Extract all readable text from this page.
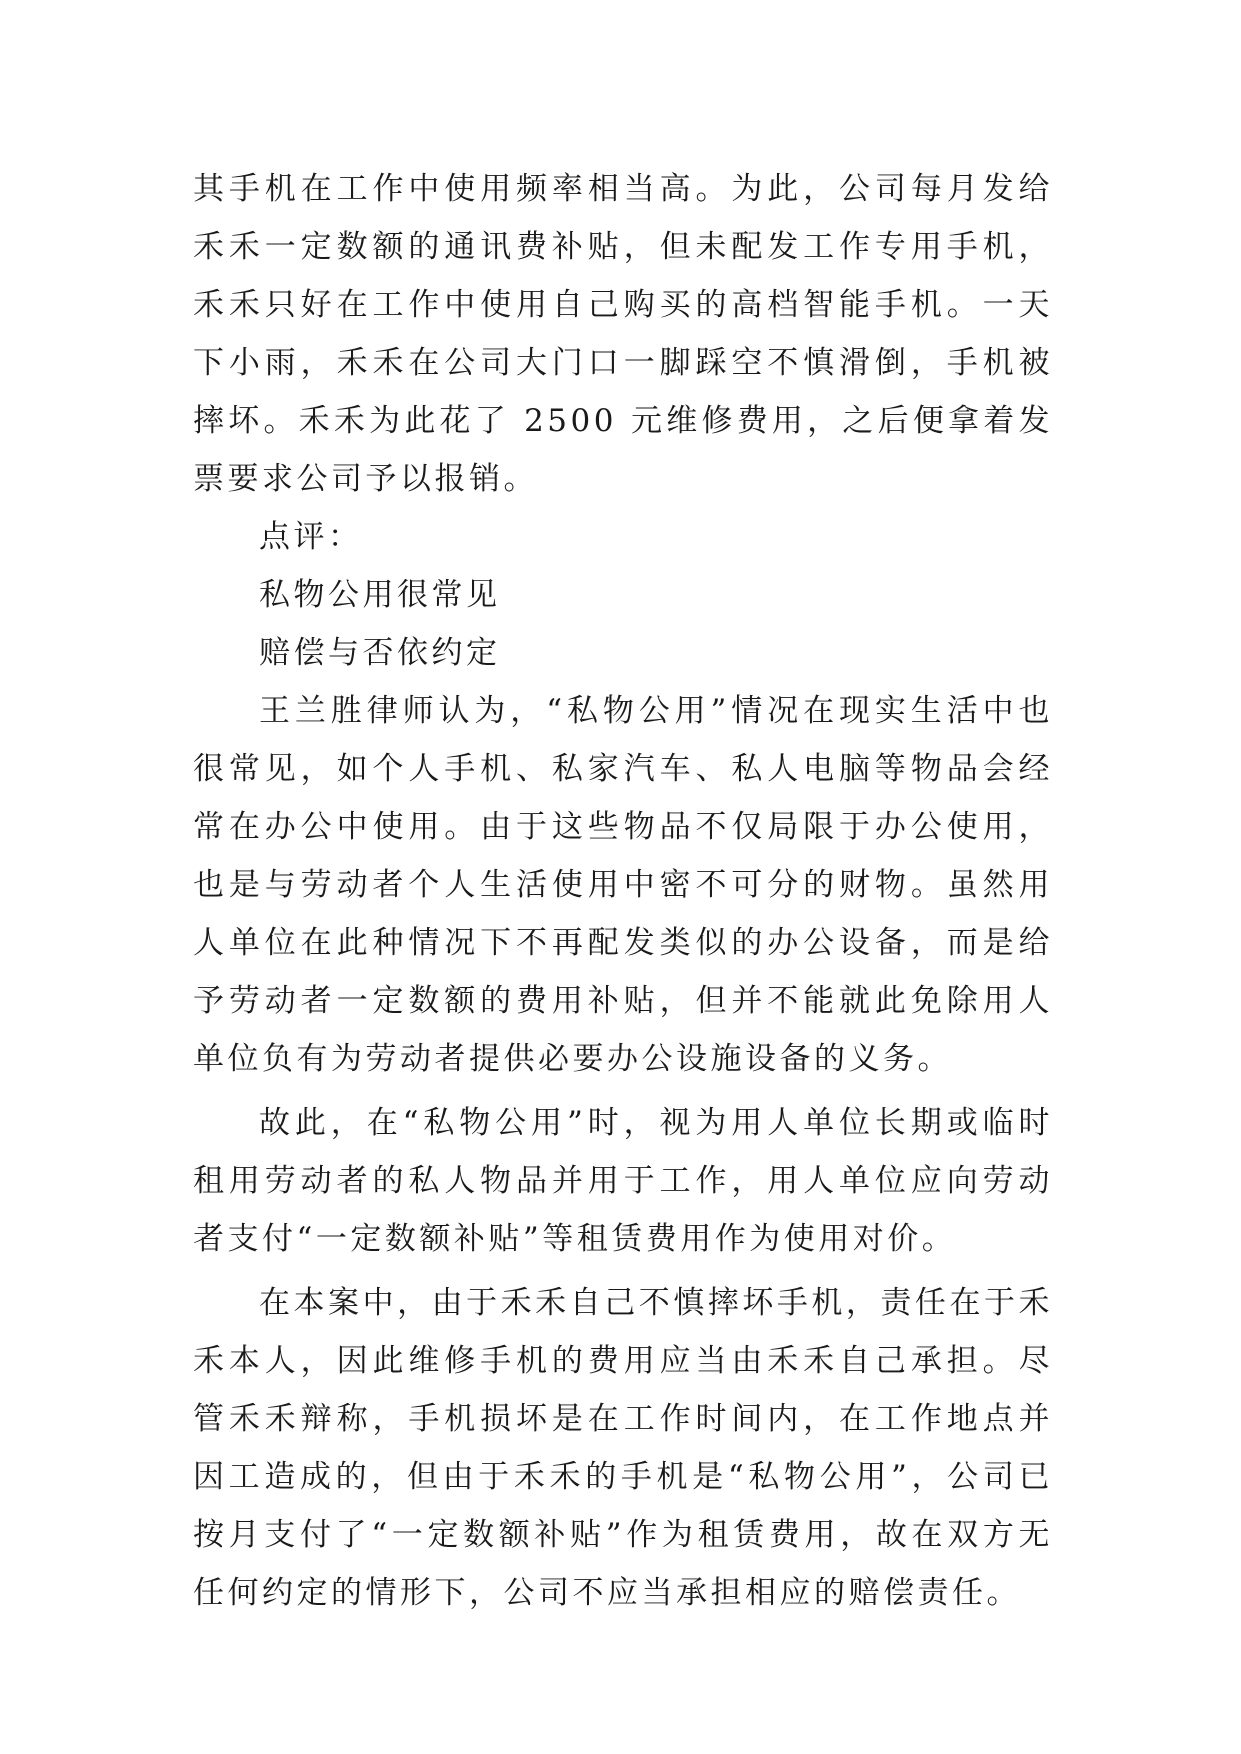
其手机在工作中使用频率相当高。为此，公司每月发给禾禾一定数额的通讯费补贴，但未配发工作专用手机，禾禾只好在工作中使用自己购买的高档智能手机。一天下小雨，禾禾在公司大门口一脚踩空不慎滑倒，手机被摔坏。禾禾为此花了 2500 元维修费用，之后便拿着发票要求公司予以报销。

点评：

私物公用很常见

赔偿与否依约定

王兰胜律师认为，“私物公用”情况在现实生活中也很常见，如个人手机、私家汽车、私人电脑等物品会经常在办公中使用。由于这些物品不仅局限于办公使用，也是与劳动者个人生活使用中密不可分的财物。虽然用人单位在此种情况下不再配发类似的办公设备，而是给予劳动者一定数额的费用补贴，但并不能就此免除用人单位负有为劳动者提供必要办公设施设备的义务。

故此，在“私物公用”时，视为用人单位长期或临时租用劳动者的私人物品并用于工作，用人单位应向劳动者支付“一定数额补贴”等租赁费用作为使用对价。

在本案中，由于禾禾自己不慎摔坏手机，责任在于禾禾本人，因此维修手机的费用应当由禾禾自己承担。尽管禾禾辩称，手机损坏是在工作时间内，在工作地点并因工造成的，但由于禾禾的手机是“私物公用”，公司已按月支付了“一定数额补贴”作为租赁费用，故在双方无任何约定的情形下，公司不应当承担相应的赔偿责任。
